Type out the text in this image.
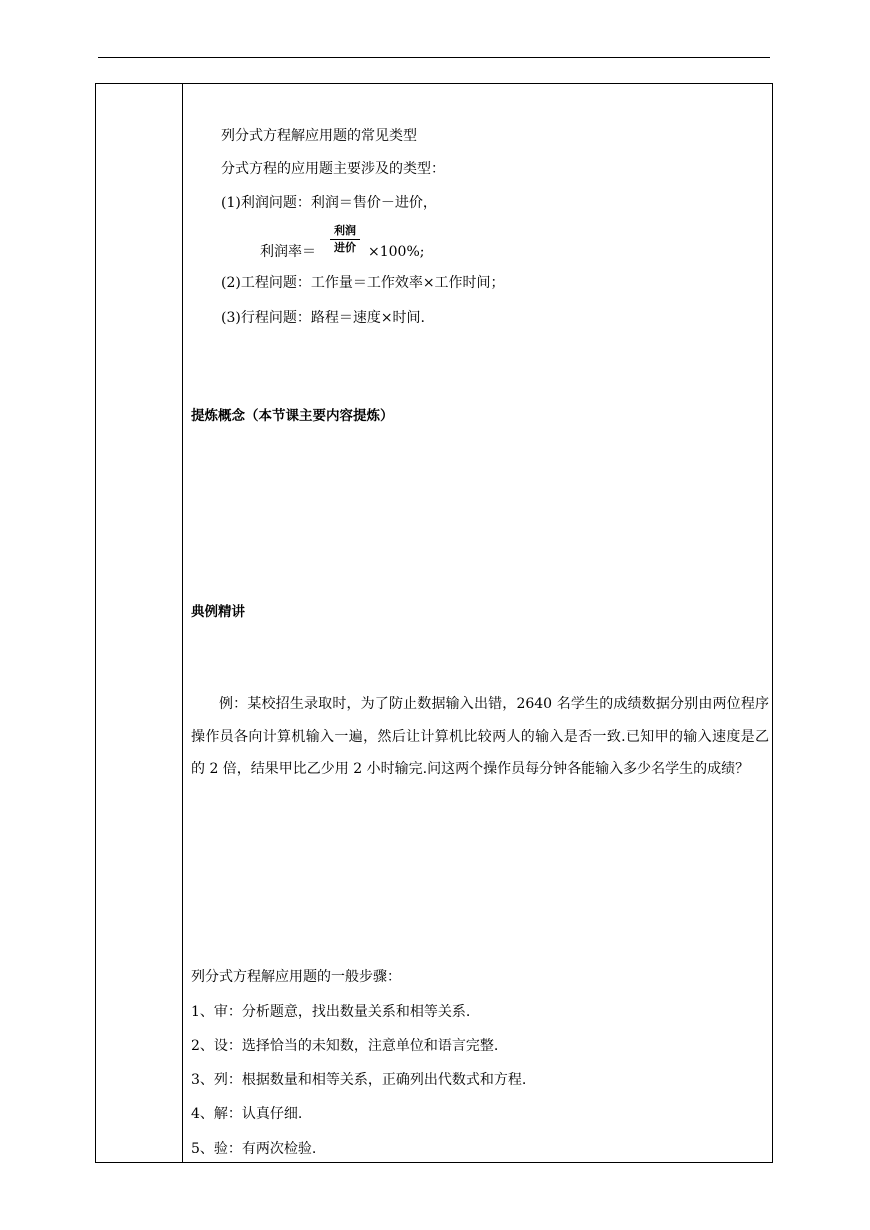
列分式方程解应用题的常见类型
分式方程的应用题主要涉及的类型：
(1)利润问题：利润＝售价－进价，
利润率＝
利润
进价 ×100%;
(2)工程问题：工作量＝工作效率×工作时间；
(3)行程问题：路程＝速度×时间.
提炼概念（本节课主要内容提炼）
典例精讲
例：某校招生录取时，为了防止数据输入出错，2640 名学生的成绩数据分别由两位程序操作员各向计算机输入一遍，然后让计算机比较两人的输入是否一致.已知甲的输入速度是乙的 2 倍，结果甲比乙少用 2 小时输完.问这两个操作员每分钟各能输入多少名学生的成绩？
列分式方程解应用题的一般步骤：
1、审：分析题意，找出数量关系和相等关系.
2、设：选择恰当的未知数，注意单位和语言完整.
3、列：根据数量和相等关系，正确列出代数式和方程.
4、解：认真仔细.
5、验：有两次检验.
